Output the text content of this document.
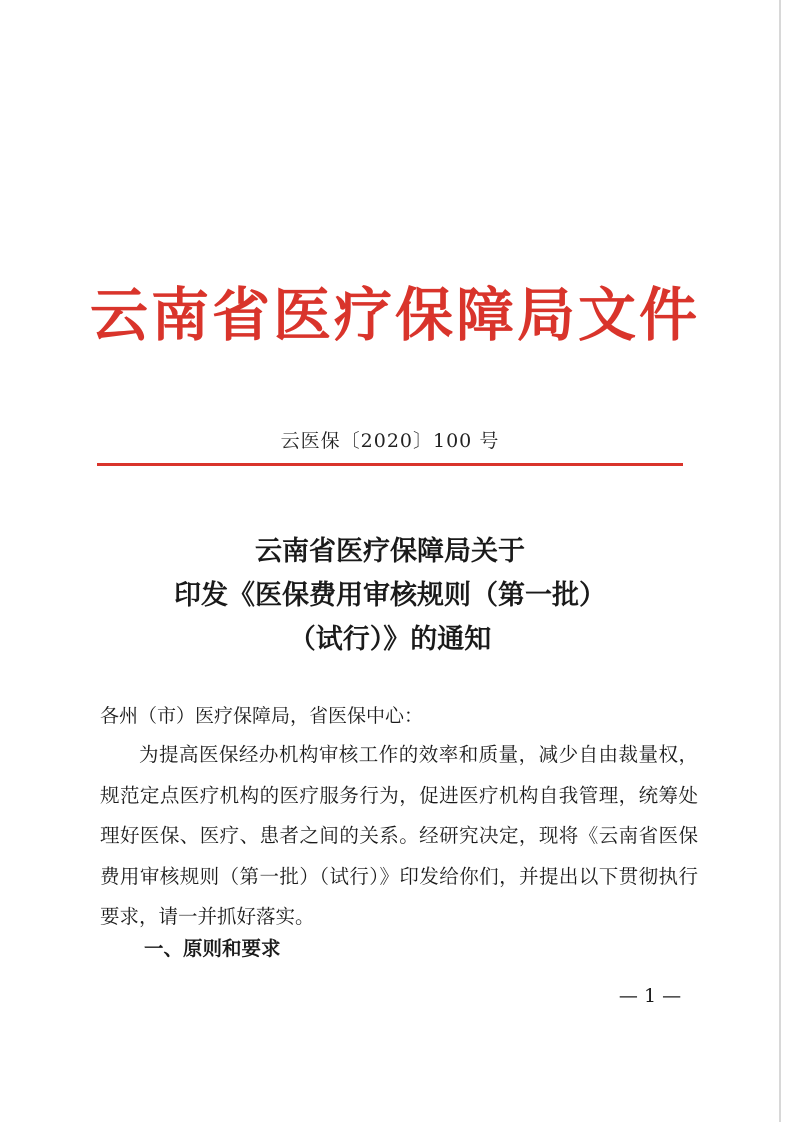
云南省医疗保障局文件
云医保〔2020〕100 号
云南省医疗保障局关于
印发《医保费用审核规则（第一批）
（试行）》的通知
各州（市）医疗保障局，省医保中心：

为提高医保经办机构审核工作的效率和质量，减少自由裁量权，规范定点医疗机构的医疗服务行为，促进医疗机构自我管理，统筹处理好医保、医疗、患者之间的关系。经研究决定，现将《云南省医保费用审核规则（第一批）（试行）》印发给你们，并提出以下贯彻执行要求，请一并抓好落实。

一、原则和要求
— 1 —
